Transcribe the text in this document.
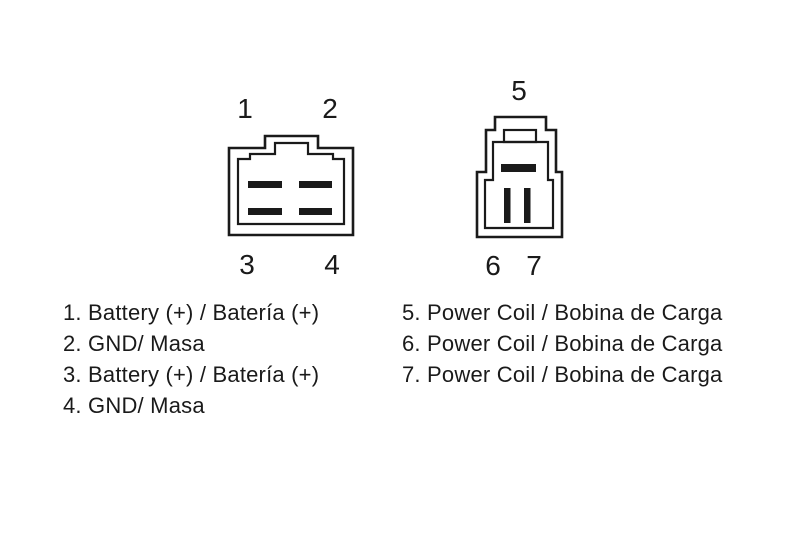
1 2
3 4
5
6 7
1. Battery (+) / Batería (+)
2. GND/ Masa
3. Battery (+) / Batería (+)
4. GND/ Masa
5. Power Coil / Bobina de Carga
6. Power Coil / Bobina de Carga
7. Power Coil / Bobina de Carga
